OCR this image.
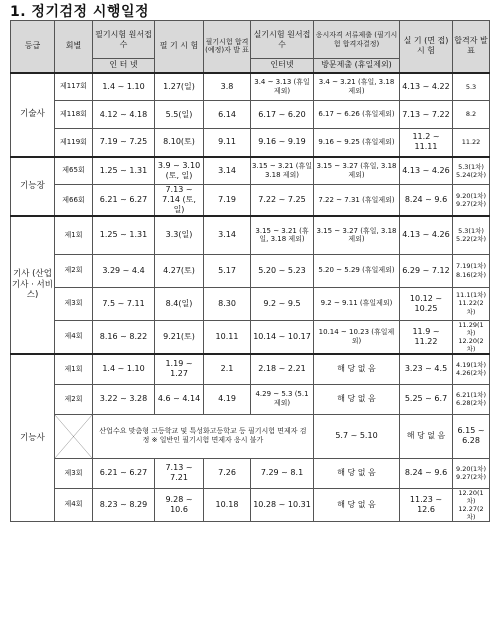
1. 정기검정 시행일정
등급	회별	필기시험 원서접수	필 기 시 험	필기시험 합격(예정)자 발 표	실기시험 원서접수	응시자격 서류제출 (필기시험 합격자결정)	실 기 (면 접) 시 험	합격자 발 표	
		인 터 넷			인터넷	방문제출 (휴일제외)			
기술사	제117회	1.4 ~ 1.10	1.27(일)	3.8	3.4 ~ 3.13 (휴일 제외)	3.4 ~ 3.21 (휴일, 3.18 제외)	4.13 ~ 4.22	5.3	
	제118회	4.12 ~ 4.18	5.5(일)	6.14	6.17 ~ 6.20	6.17 ~ 6.26 (휴일제외)	7.13 ~ 7.22	8.2	
	제119회	7.19 ~ 7.25	8.10(토)	9.11	9.16 ~ 9.19	9.16 ~ 9.25 (휴일제외)	11.2 ~ 11.11	11.22	
기능장	제65회	1.25 ~ 1.31	3.9 ~ 3.10 (토, 일)	3.14	3.15 ~ 3.21 (휴일 3.18 제외)	3.15 ~ 3.27 (휴일, 3.18 제외)	4.13 ~ 4.26	5.3(1차) 5.24(2차)	
	제66회	6.21 ~ 6.27	7.13 ~ 7.14 (토, 일)	7.19	7.22 ~ 7.25	7.22 ~ 7.31 (휴일제외)	8.24 ~ 9.6	9.20(1차) 9.27(2차)	
기사 (산업기사 · 서비스)	제1회	1.25 ~ 1.31	3.3(일)	3.14	3.15 ~ 3.21 (휴일, 3.18 제외)	3.15 ~ 3.27 (휴일, 3.18 제외)	4.13 ~ 4.26	5.3(1차) 5.22(2차)	
	제2회	3.29 ~ 4.4	4.27(토)	5.17	5.20 ~ 5.23	5.20 ~ 5.29 (휴일제외)	6.29 ~ 7.12	7.19(1차) 8.16(2차)	
	제3회	7.5 ~ 7.11	8.4(일)	8.30	9.2 ~ 9.5	9.2 ~ 9.11 (휴일제외)	10.12 ~ 10.25	11.1(1차) 11.22(2차)	
	제4회	8.16 ~ 8.22	9.21(토)	10.11	10.14 ~ 10.17	10.14 ~ 10.23 (휴일제외)	11.9 ~ 11.22	11.29(1차) 12.20(2차)	
기능사	제1회	1.4 ~ 1.10	1.19 ~ 1.27	2.1	2.18 ~ 2.21	해 당 없 음	3.23 ~ 4.5	4.19(1차) 4.26(2차)	
	제2회	3.22 ~ 3.28	4.6 ~ 4.14	4.19	4.29 ~ 5.3 (5.1 제외)	해 당 없 음	5.25 ~ 6.7	6.21(1차) 6.28(2차)	

	산업수요 맞춤형 고등학교 및 특성화고등학교 등 필기시험 면제자 검정 ※ 일반인 필기시험 면제자 응시 불가				5.7 ~ 5.10	해 당 없 음	6.15 ~ 6.28	
	제3회	6.21 ~ 6.27	7.13 ~ 7.21	7.26	7.29 ~ 8.1	해 당 없 음	8.24 ~ 9.6	9.20(1차) 9.27(2차)	
	제4회	8.23 ~ 8.29	9.28 ~ 10.6	10.18	10.28 ~ 10.31	해 당 없 음	11.23 ~ 12.6	12.20(1차) 12.27(2차)	
